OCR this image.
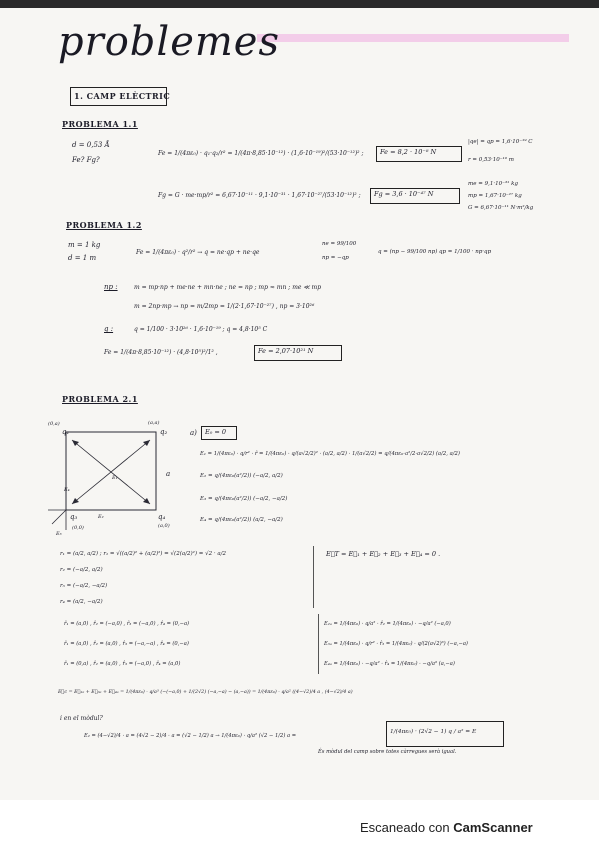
problemes
1. CAMP ELÈCTRIC
PROBLEMA 1.1
d = 0,53 Å
Fe? Fg?
Fe = 1/(4πε₀) · q₁·q₂/r² = 1/(4π·8,85·10⁻¹²) · (1,6·10⁻¹⁹)²/(53·10⁻¹²)² ;	Fe = 8,2 · 10⁻⁸ N
|qe| = qp = 1,6·10⁻¹⁹ C
r = 0,53·10⁻¹⁰ m
Fg = G · me·mp/r² = 6,67·10⁻¹¹ · 9,1·10⁻³¹ · 1,67·10⁻²⁷/(53·10⁻¹²)² ; Fg = 3,6 · 10⁻⁴⁷ N
me = 9,1·10⁻³¹ kg
mp = 1,67·10⁻²⁷ kg
G = 6,67·10⁻¹¹ N·m²/kg
PROBLEMA 1.2
m = 1 kg
d = 1 m
Fe = 1/(4πε₀) · q²/r² → q = ne·qp + ne·qe
ne = 99/100
np = −qp
q = (np − 99/100 np) qp = 1/100 · np·qp
np :	m = mp·np + me·ne + mn·ne ; ne = np ; mp ≈ mn ; me ≪ mp
m = 2np·mp → np = m/2mp = 1/(2·1,67·10⁻²⁷) , np = 3·10²⁶
q :	q = 1/100 · 3·10²⁶ · 1,6·10⁻¹⁹ ; q = 4,8·10⁵ C
Fe = 1/(4π·8,85·10⁻¹²) · (4,8·10⁵)²/1² ,	Fe = 2,07·10²¹ N
PROBLEMA 2.1
(0,a)
q₁
(a,a)
q₂
q₃
(a,0)
q₄
(0,0)
a
E₁
E₂
E₃
E₄
a) E₀ = 0
E₁ = 1/(4πε₀) · q/r² · r̂ = 1/(4πε₀) · q/(a√2/2)² · (a/2, a/2) · 1/(a√2/2) = q/(4πε₀·a²/2·a√2/2) (a/2, a/2)
E₂ = q/(4πε₀(a²/2)) (−a/2, a/2)
E₃ = q/(4πε₀(a²/2)) (−a/2, −a/2)
E₄ = q/(4πε₀(a²/2)) (a/2, −a/2)
r₁ = (a/2, a/2) ; r₁ = √((a/2)² + (a/2)²) = √(2(a/2)²) = √2 · a/2
r₂ = (−a/2, a/2)
r₃ = (−a/2, −a/2)
r₄ = (a/2, −a/2)
E⃗T = E⃗₁ + E⃗₂ + E⃗₃ + E⃗₄ = 0 .
r̂₁ = (a,0) , r̂₂ = (−a,0) , r̂₃ = (−a,0) , r̂₄ = (0,−a)
r̂₁ = (a,0) , r̂₂ = (a,0) , r̂₃ = (−a,−a) , r̂₄ = (0,−a)
r̂₁ = (0,a) , r̂₂ = (a,0) , r̂₃ = (−a,0) , r̂₄ = (a,0)
E₂ₐ = 1/(4πε₀) · q/a² · r̂₂ = 1/(4πε₀) · −q/a² (−a,0)
E₃ₐ = 1/(4πε₀) · q/r² · r̂₃ = 1/(4πε₀) · q/(2(a√2)³) (−a,−a)
E₄ₐ = 1/(4πε₀) · −q/a² · r̂₄ = 1/(4πε₀) · −q/a³ (a,−a)
E⃗c = E⃗₂ₐ + E⃗₃ₐ + E⃗₄ₐ = 1/(4πε₀) · q/a³ (−(−a,0) + 1/(2√2) (−a,−a) − (a,−a)) = 1/(4πε₀) · q/a² ((4−√2)/4 a , (4−√2)/4 a)
i en el mòdul?
E₂ = (4−√2)/4 · a = (4√2 − 2)/4 · a = (√2 − 1/2) a → 1/(4πε₀) · q/a² (√2 − 1/2) a =
1/(4πε₀) · (2√2 − 1) q / a² = E
És mòdul del camp sobre totes càrregues serà igual.
Escaneado con CamScanner
